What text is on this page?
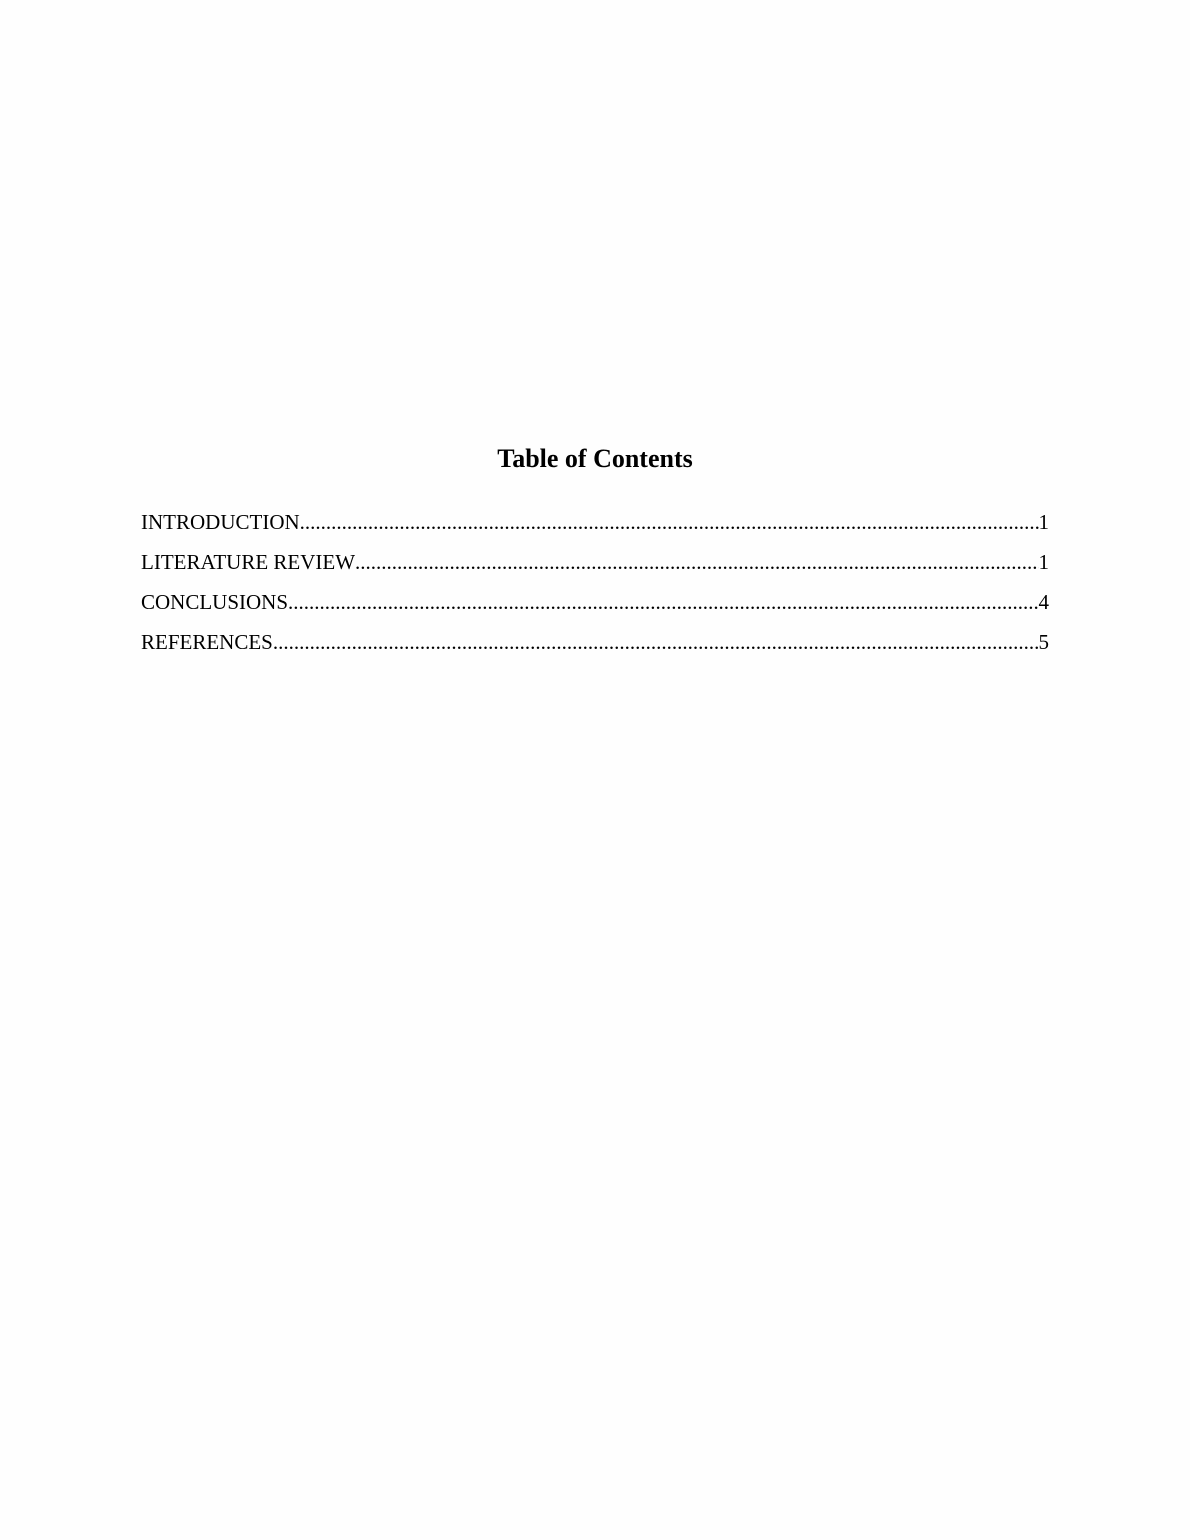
Table of Contents
INTRODUCTION .....	1
LITERATURE REVIEW .....	1
CONCLUSIONS .....	4
REFERENCES .....	5
